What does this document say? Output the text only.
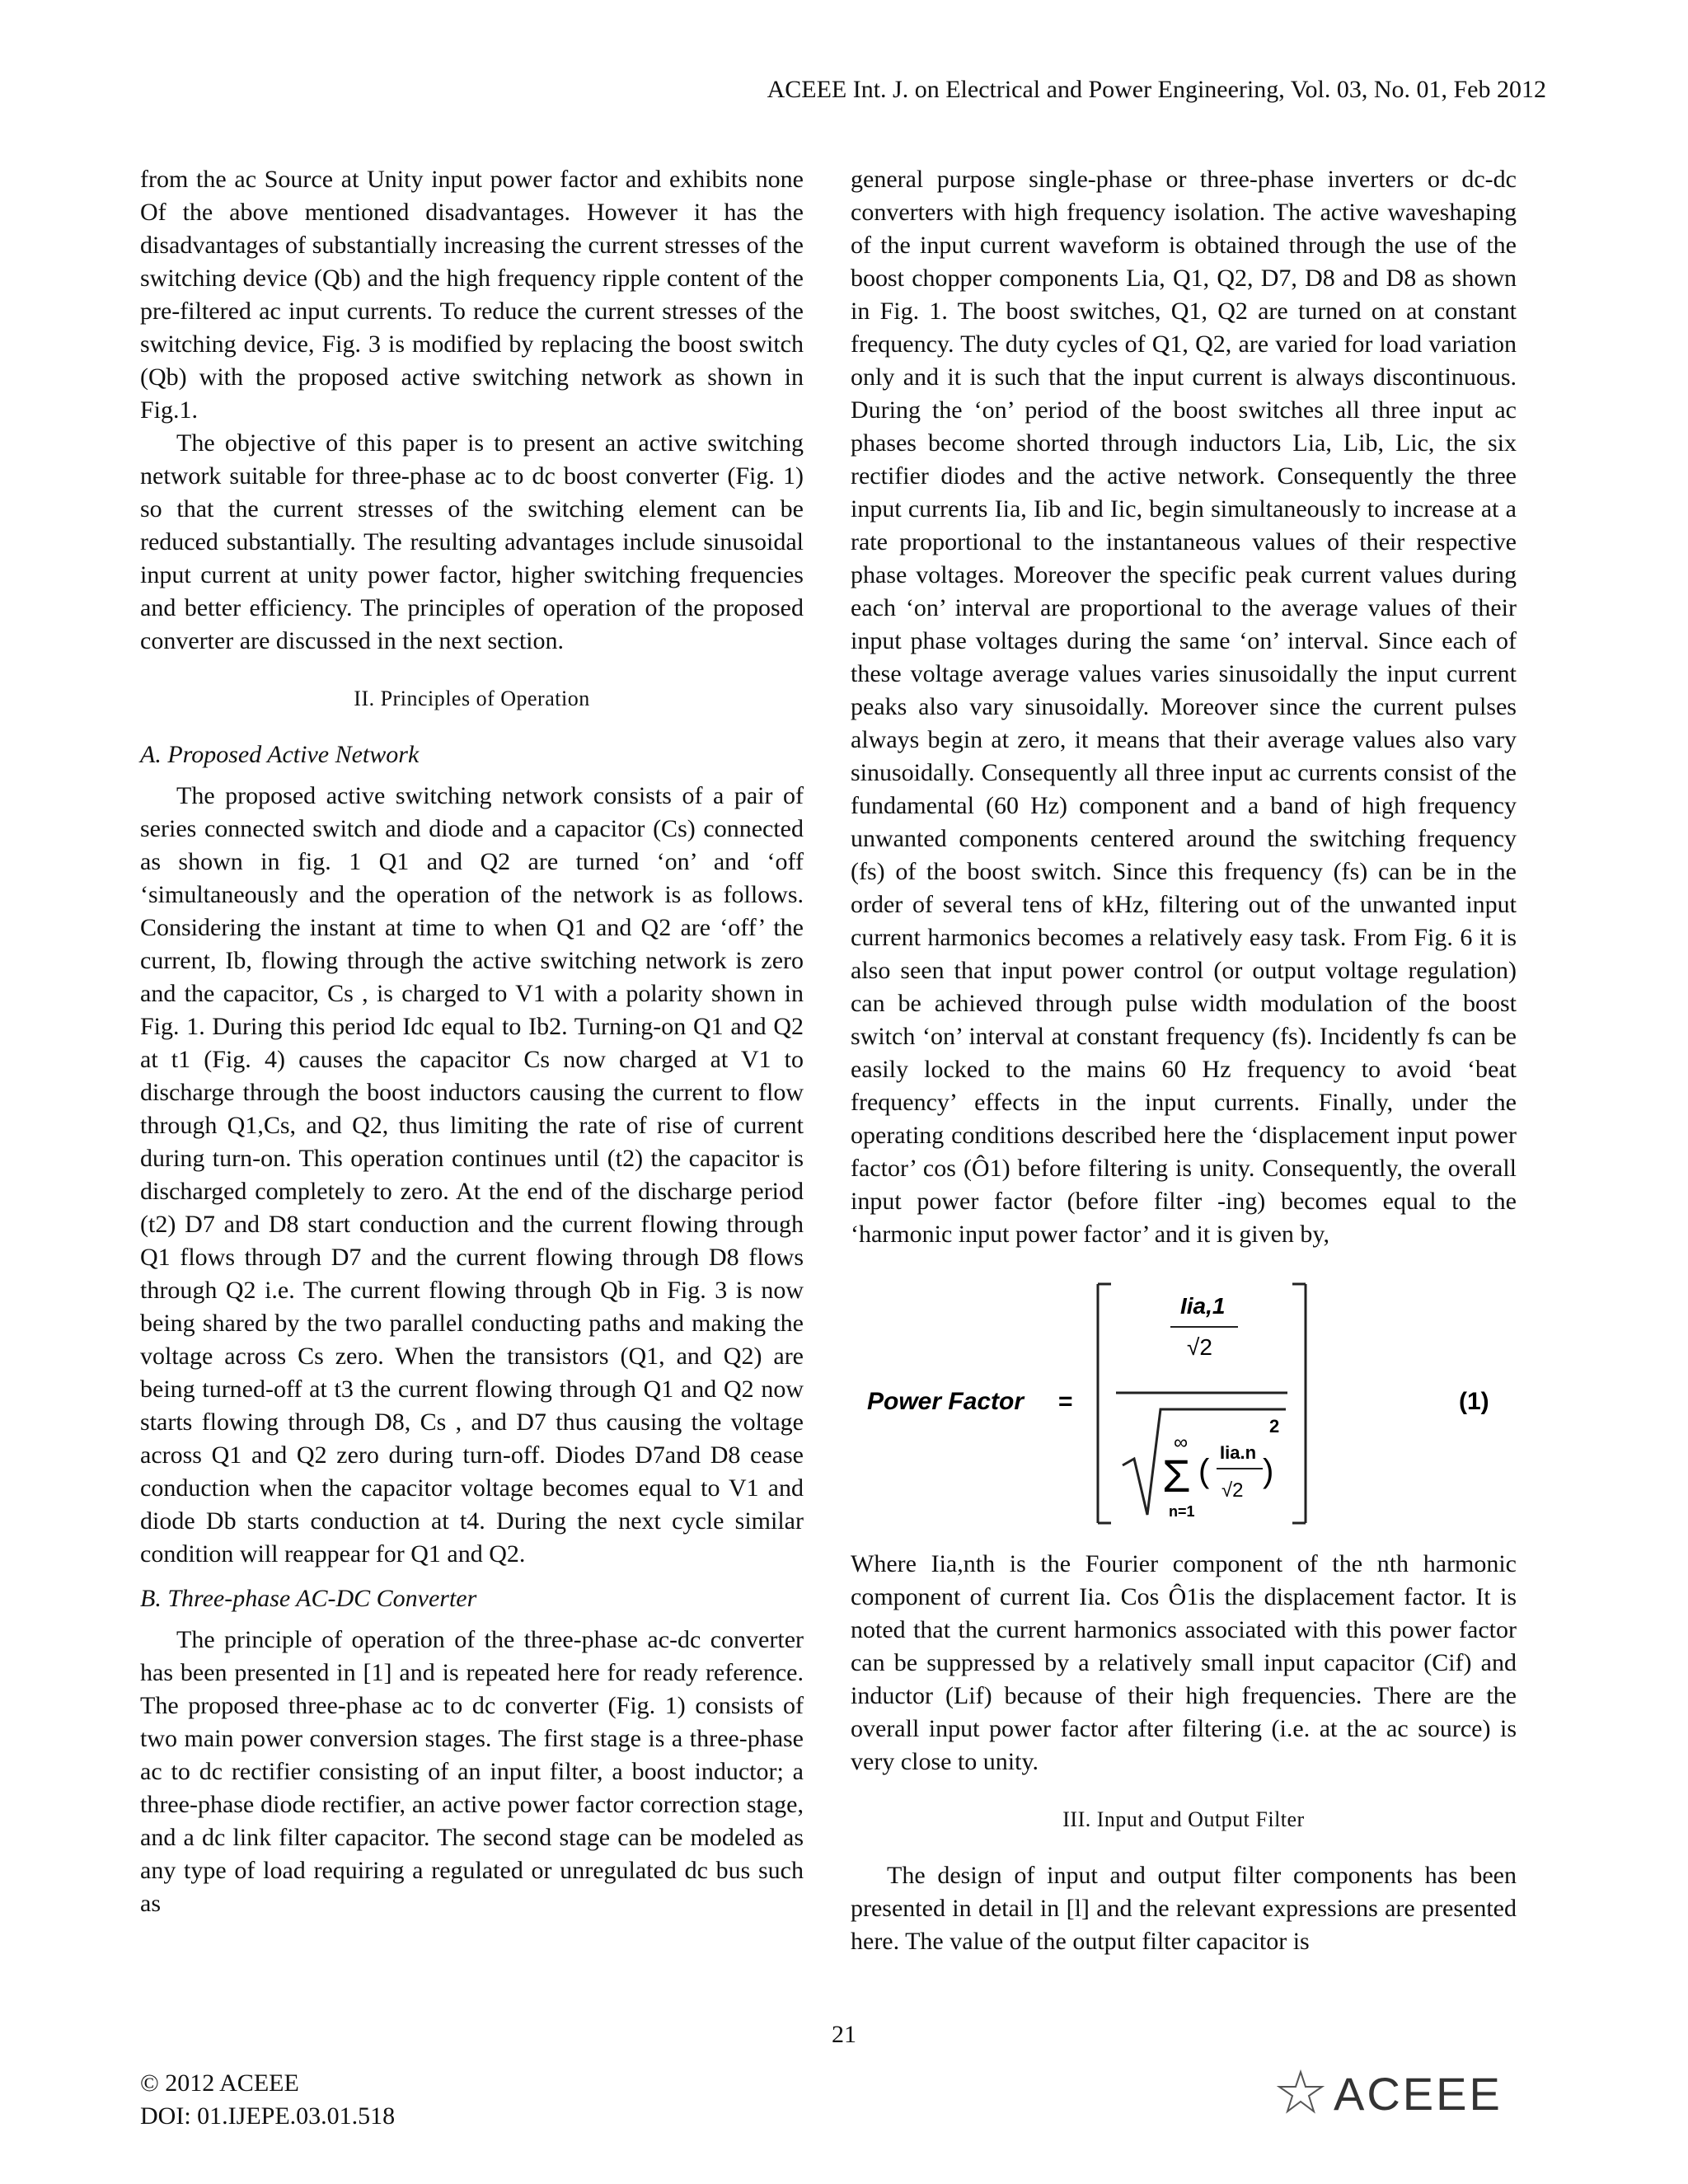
ACEEE Int. J. on Electrical and Power Engineering, Vol. 03, No. 01, Feb 2012

from the ac Source at Unity input power factor and exhibits none Of the above mentioned disadvantages. However it has the disadvantages of substantially increasing the current stresses of the switching device (Qb) and the high frequency ripple content of the pre-filtered ac input currents. To reduce the current stresses of the switching device, Fig. 3 is modified by replacing the boost switch (Qb) with the proposed active switching network as shown in Fig.1.

The objective of this paper is to present an active switching network suitable for three-phase ac to dc boost converter (Fig. 1) so that the current stresses of the switching element can be reduced substantially. The resulting advantages include sinusoidal input current at unity power factor, higher switching frequencies and better efficiency. The principles of operation of the proposed converter are discussed in the next section.

II. Principles of Operation

A. Proposed Active Network

The proposed active switching network consists of a pair of series connected switch and diode and a capacitor (Cs) connected as shown in fig. 1 Q1 and Q2 are turned ‘on’ and ‘off ‘simultaneously and the operation of the network is as follows. Considering the instant at time to when Q1 and Q2 are ‘off’ the current, Ib, flowing through the active switching network is zero and the capacitor, Cs , is charged to V1 with a polarity shown in Fig. 1. During this period Idc equal to Ib2. Turning-on Q1 and Q2 at t1 (Fig. 4) causes the capacitor Cs now charged at V1 to discharge through the boost inductors causing the current to flow through Q1,Cs, and Q2, thus limiting the rate of rise of current during turn-on. This operation continues until (t2) the capacitor is discharged completely to zero. At the end of the discharge period (t2) D7 and D8 start conduction and the current flowing through Q1 flows through D7 and the current flowing through D8 flows through Q2 i.e. The current flowing through Qb in Fig. 3 is now being shared by the two parallel conducting paths and making the voltage across Cs zero. When the transistors (Q1, and Q2) are being turned-off at t3 the current flowing through Q1 and Q2 now starts flowing through D8, Cs , and D7 thus causing the voltage across Q1 and Q2 zero during turn-off. Diodes D7and D8 cease conduction when the capacitor voltage becomes equal to V1 and diode Db starts conduction at t4. During the next cycle similar condition will reappear for Q1 and Q2.

B. Three-phase AC-DC Converter

The principle of operation of the three-phase ac-dc converter has been presented in [1] and is repeated here for ready reference. The proposed three-phase ac to dc converter (Fig. 1) consists of two main power conversion stages. The first stage is a three-phase ac to dc rectifier consisting of an input filter, a boost inductor; a three-phase diode rectifier, an active power factor correction stage, and a dc link filter capacitor. The second stage can be modeled as any type of load requiring a regulated or unregulated dc bus such as

general purpose single-phase or three-phase inverters or dc-dc converters with high frequency isolation. The active waveshaping of the input current waveform is obtained through the use of the boost chopper components Lia, Q1, Q2, D7, D8 and D8 as shown in Fig. 1. The boost switches, Q1, Q2 are turned on at constant frequency. The duty cycles of Q1, Q2, are varied for load variation only and it is such that the input current is always discontinuous. During the ‘on’ period of the boost switches all three input ac phases become shorted through inductors Lia, Lib, Lic, the six rectifier diodes and the active network. Consequently the three input currents Iia, Iib and Iic, begin simultaneously to increase at a rate proportional to the instantaneous values of their respective phase voltages. Moreover the specific peak current values during each ‘on’ interval are proportional to the average values of their input phase voltages during the same ‘on’ interval. Since each of these voltage average values varies sinusoidally the input current peaks also vary sinusoidally. Moreover since the current pulses always begin at zero, it means that their average values also vary sinusoidally. Consequently all three input ac currents consist of the fundamental (60 Hz) component and a band of high frequency unwanted components centered around the switching frequency (fs) of the boost switch. Since this frequency (fs) can be in the order of several tens of kHz, filtering out of the unwanted input current harmonics becomes a relatively easy task. From Fig. 6 it is also seen that input power control (or output voltage regulation) can be achieved through pulse width modulation of the boost switch ‘on’ interval at constant frequency (fs). Incidently fs can be easily locked to the mains 60 Hz frequency to avoid ‘beat frequency’ effects in the input currents. Finally, under the operating conditions described here the ‘displacement input power factor’ cos (Ô1) before filtering is unity. Consequently, the overall input power factor (before filter -ing) becomes equal to the ‘harmonic input power factor’ and it is given by,

Power Factor =
Iia,1
√2
∞
Σ
n=1
(
Iia.n
√2
)
2
(1)

Where Iia,nth is the Fourier component of the nth harmonic component of current Iia. Cos Ô1is the displacement factor. It is noted that the current harmonics associated with this power factor can be suppressed by a relatively small input capacitor (Cif) and inductor (Lif) because of their high frequencies. There are the overall input power factor after filtering (i.e. at the ac source) is very close to unity.

III. Input and Output Filter

The design of input and output filter components has been presented in detail in [l] and the relevant expressions are presented here. The value of the output filter capacitor is

21
© 2012 ACEEE
DOI: 01.IJEPE.03.01.518	ACEEE
